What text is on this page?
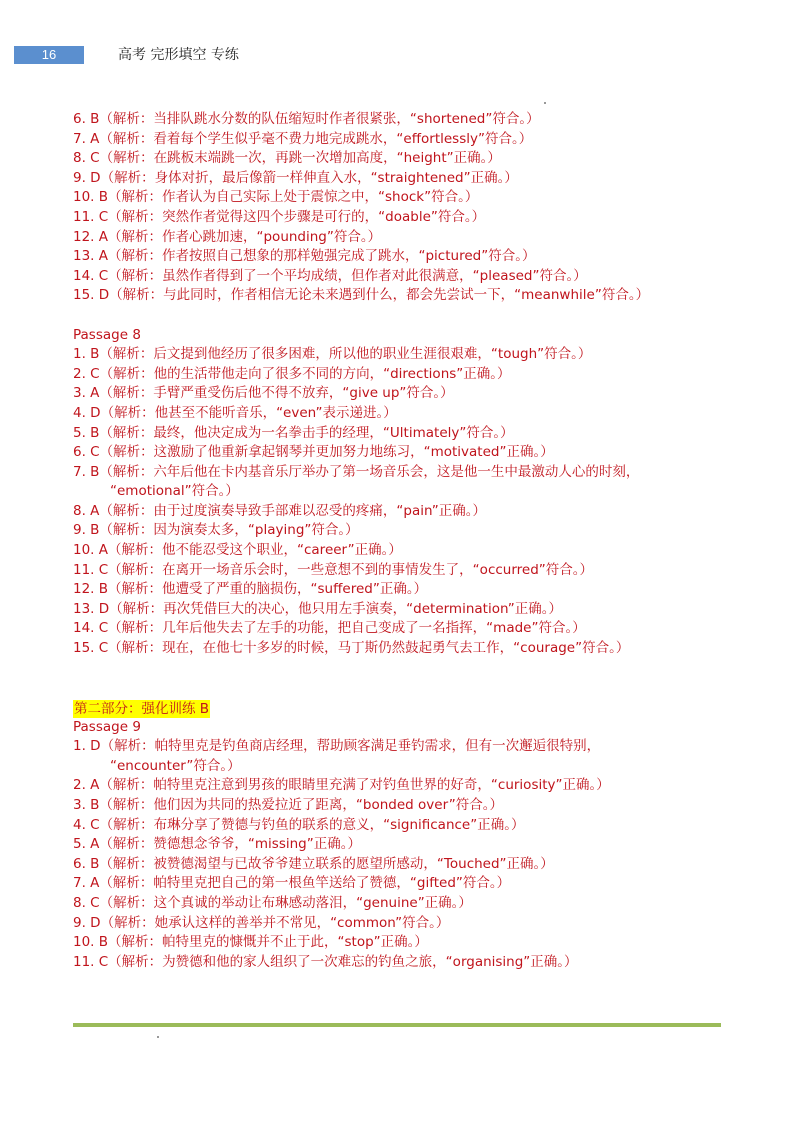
16	高考 完形填空 专练
6. B（解析：当排队跳水分数的队伍缩短时作者很紧张，“shortened”符合。）
7. A（解析：看着每个学生似乎毫不费力地完成跳水，“effortlessly”符合。）
8. C（解析：在跳板末端跳一次，再跳一次增加高度，“height”正确。）
9. D（解析：身体对折，最后像箭一样伸直入水，“straightened”正确。）
10. B（解析：作者认为自己实际上处于震惊之中，“shock”符合。）
11. C（解析：突然作者觉得这四个步骤是可行的，“doable”符合。）
12. A（解析：作者心跳加速，“pounding”符合。）
13. A（解析：作者按照自己想象的那样勉强完成了跳水，“pictured”符合。）
14. C（解析：虽然作者得到了一个平均成绩，但作者对此很满意，“pleased”符合。）
15. D（解析：与此同时，作者相信无论未来遇到什么，都会先尝试一下，“meanwhile”符合。）
Passage 8
1. B（解析：后文提到他经历了很多困难，所以他的职业生涯很艰难，“tough”符合。）
2. C（解析：他的生活带他走向了很多不同的方向，“directions”正确。）
3. A（解析：手臂严重受伤后他不得不放弃，“give up”符合。）
4. D（解析：他甚至不能听音乐，“even”表示递进。）
5. B（解析：最终，他决定成为一名拳击手的经理，“Ultimately”符合。）
6. C（解析：这激励了他重新拿起钢琴并更加努力地练习，“motivated”正确。）
7. B（解析：六年后他在卡内基音乐厅举办了第一场音乐会，这是他一生中最激动人心的时刻，
“emotional”符合。）
8. A（解析：由于过度演奏导致手部难以忍受的疼痛，“pain”正确。）
9. B（解析：因为演奏太多，“playing”符合。）
10. A（解析：他不能忍受这个职业，“career”正确。）
11. C（解析：在离开一场音乐会时，一些意想不到的事情发生了，“occurred”符合。）
12. B（解析：他遭受了严重的脑损伤，“suffered”正确。）
13. D（解析：再次凭借巨大的决心，他只用左手演奏，“determination”正确。）
14. C（解析：几年后他失去了左手的功能，把自己变成了一名指挥，“made”符合。）
15. C（解析：现在，在他七十多岁的时候，马丁斯仍然鼓起勇气去工作，“courage”符合。）
第二部分：强化训练 B
Passage 9
1. D（解析：帕特里克是钓鱼商店经理，帮助顾客满足垂钓需求，但有一次邂逅很特别，
“encounter”符合。）
2. A（解析：帕特里克注意到男孩的眼睛里充满了对钓鱼世界的好奇，“curiosity”正确。）
3. B（解析：他们因为共同的热爱拉近了距离，“bonded over”符合。）
4. C（解析：布琳分享了赞德与钓鱼的联系的意义，“significance”正确。）
5. A（解析：赞德想念爷爷，“missing”正确。）
6. B（解析：被赞德渴望与已故爷爷建立联系的愿望所感动，“Touched”正确。）
7. A（解析：帕特里克把自己的第一根鱼竿送给了赞德，“gifted”符合。）
8. C（解析：这个真诚的举动让布琳感动落泪，“genuine”正确。）
9. D（解析：她承认这样的善举并不常见，“common”符合。）
10. B（解析：帕特里克的慷慨并不止于此，“stop”正确。）
11. C（解析：为赞德和他的家人组织了一次难忘的钓鱼之旅，“organising”正确。）
